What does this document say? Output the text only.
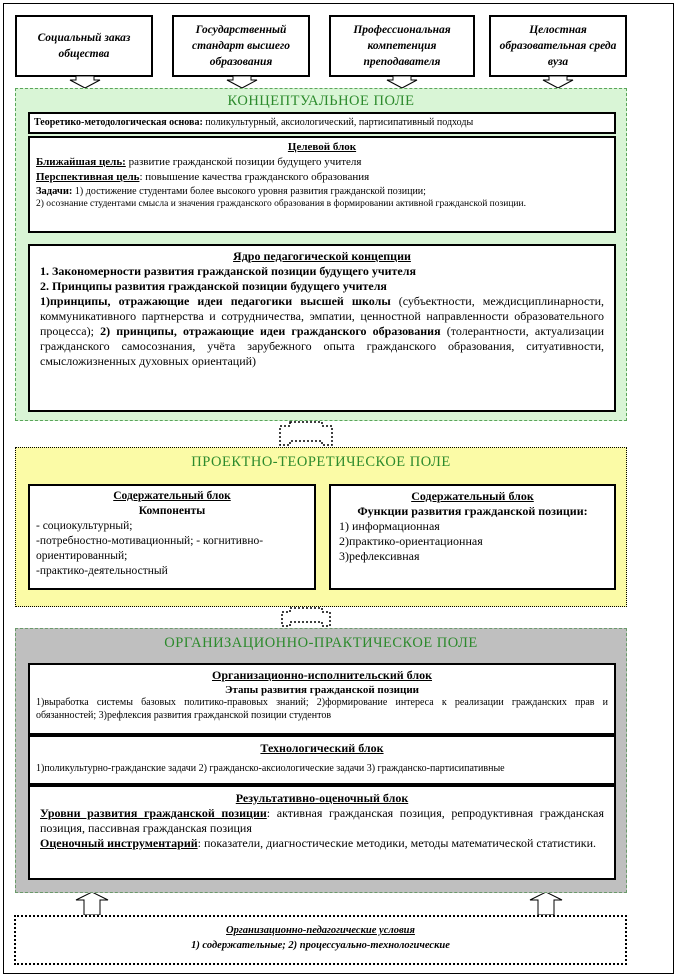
Социальный заказ общества
Государственный стандарт высшего образования
Профессиональная компетенция преподавателя
Целостная образовательная среда вуза
КОНЦЕПТУАЛЬНОЕ ПОЛЕ
Теоретико-методологическая основа: поликультурный, аксиологический, партисипативный подходы
Целевой блок
Ближайшая цель: развитие гражданской позиции будущего учителя
Перспективная цель: повышение качества гражданского образования
Задачи: 1) достижение студентами более высокого уровня развития гражданской позиции;
2) осознание студентами смысла и значения гражданского образования в формировании активной гражданской позиции.
Ядро педагогической концепции
1. Закономерности развития гражданской позиции будущего учителя
2. Принципы развития гражданской позиции будущего учителя
1)принципы, отражающие идеи педагогики высшей школы (субъектности, междисциплинарности, коммуникативного партнерства и сотрудничества, эмпатии, ценностной направленности образовательного процесса); 2) принципы, отражающие идеи гражданского образования (толерантности, актуализации гражданского самосознания, учёта зарубежного опыта гражданского образования, ситуативности, смысложизненных духовных ориентаций)
ПРОЕКТНО-ТЕОРЕТИЧЕСКОЕ ПОЛЕ
Содержательный блок
Компоненты
- социокультурный;
-потребностно-мотивационный; - когнитивно-ориентированный;
-практико-деятельностный
Содержательный блок
Функции развития гражданской позиции:
1) информационная
2)практико-ориентационная
3)рефлексивная
ОРГАНИЗАЦИОННО-ПРАКТИЧЕСКОЕ ПОЛЕ
Организационно-исполнительский блок
Этапы развития гражданской позиции
1)выработка системы базовых политико-правовых знаний; 2)формирование интереса к реализации гражданских прав и обязанностей; 3)рефлексия развития гражданской позиции студентов
Технологический блок
1)поликультурно-гражданские задачи 2) гражданско-аксиологические задачи 3) гражданско-партисипативные
Результативно-оценочный блок
Уровни развития гражданской позиции: активная гражданская позиция, репродуктивная гражданская позиция, пассивная гражданская позиция
Оценочный инструментарий: показатели, диагностические методики, методы математической статистики.
Организационно-педагогические условия
1) содержательные; 2) процессуально-технологические
